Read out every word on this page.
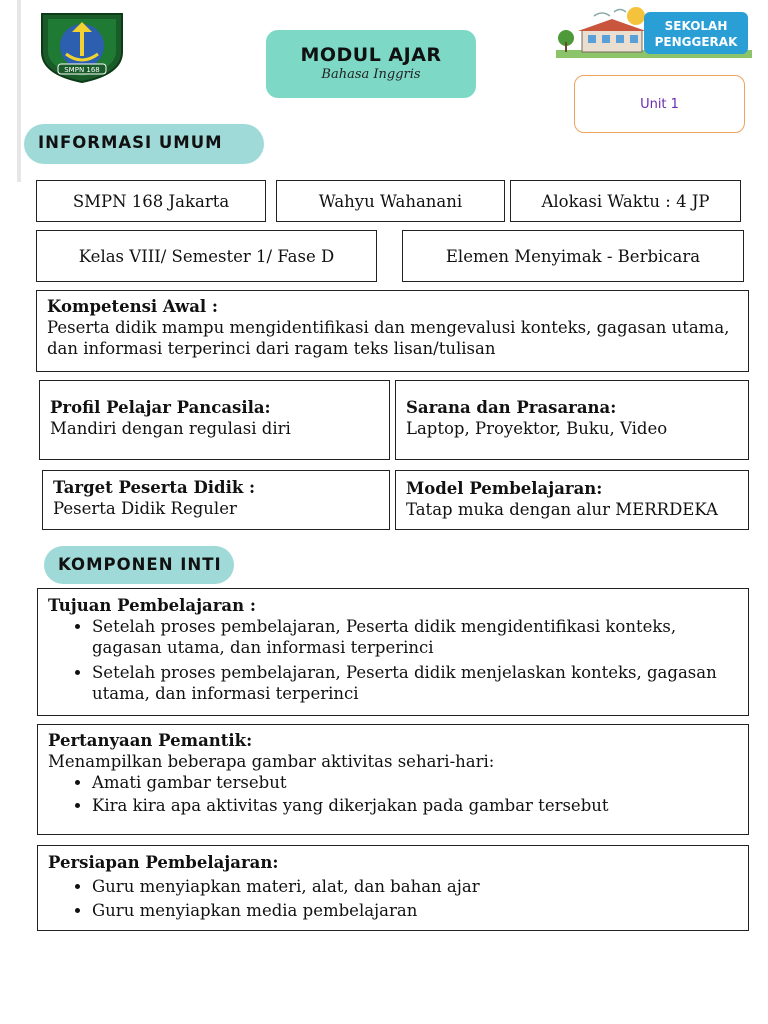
SMPN 168
MODUL AJAR
Bahasa Inggris
SEKOLAH
PENGGERAK
Unit 1
INFORMASI UMUM
SMPN 168 Jakarta	Wahyu Wahanani	Alokasi Waktu : 4 JP
Kelas VIII/ Semester 1/ Fase D	Elemen Menyimak - Berbicara
Kompetensi Awal :
Peserta didik mampu mengidentifikasi dan mengevalusi konteks, gagasan utama, dan informasi terperinci dari ragam teks lisan/tulisan
Profil Pelajar Pancasila:
Mandiri dengan regulasi diri
Sarana dan Prasarana:
Laptop, Proyektor, Buku, Video
Target Peserta Didik :
Peserta Didik Reguler
Model Pembelajaran:
Tatap muka dengan alur MERRDEKA
KOMPONEN INTI
Tujuan Pembelajaran :
• Setelah proses pembelajaran, Peserta didik mengidentifikasi konteks, gagasan utama, dan informasi terperinci
• Setelah proses pembelajaran, Peserta didik menjelaskan konteks, gagasan utama, dan informasi terperinci
Pertanyaan Pemantik:
Menampilkan beberapa gambar aktivitas sehari-hari:
• Amati gambar tersebut
• Kira kira apa aktivitas yang dikerjakan pada gambar tersebut
Persiapan Pembelajaran:
• Guru menyiapkan materi, alat, dan bahan ajar
• Guru menyiapkan media pembelajaran
